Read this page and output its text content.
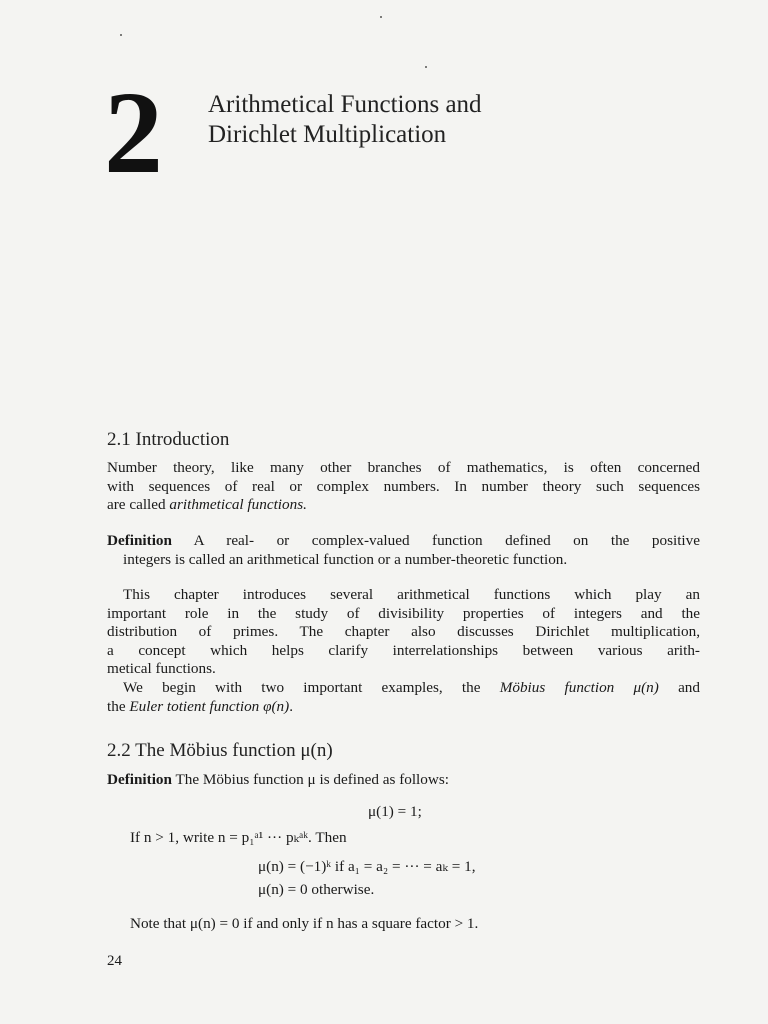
2 Arithmetical Functions and
Dirichlet Multiplication
2.1 Introduction
Number theory, like many other branches of mathematics, is often concerned
with sequences of real or complex numbers. In number theory such sequences
are called arithmetical functions.
Definition A real- or complex-valued function defined on the positive
integers is called an arithmetical function or a number-theoretic function.
This chapter introduces several arithmetical functions which play an
important role in the study of divisibility properties of integers and the
distribution of primes. The chapter also discusses Dirichlet multiplication,
a concept which helps clarify interrelationships between various arith-
metical functions.
We begin with two important examples, the Möbius function μ(n) and
the Euler totient function φ(n).
2.2 The Möbius function μ(n)
Definition The Möbius function μ is defined as follows:
μ(1) = 1;
If n > 1, write n = p₁ᵃ¹ ··· pₖᵃᵏ. Then
μ(n) = (−1)ᵏ if a₁ = a₂ = ··· = aₖ = 1,
μ(n) = 0 otherwise.
Note that μ(n) = 0 if and only if n has a square factor > 1.
24
